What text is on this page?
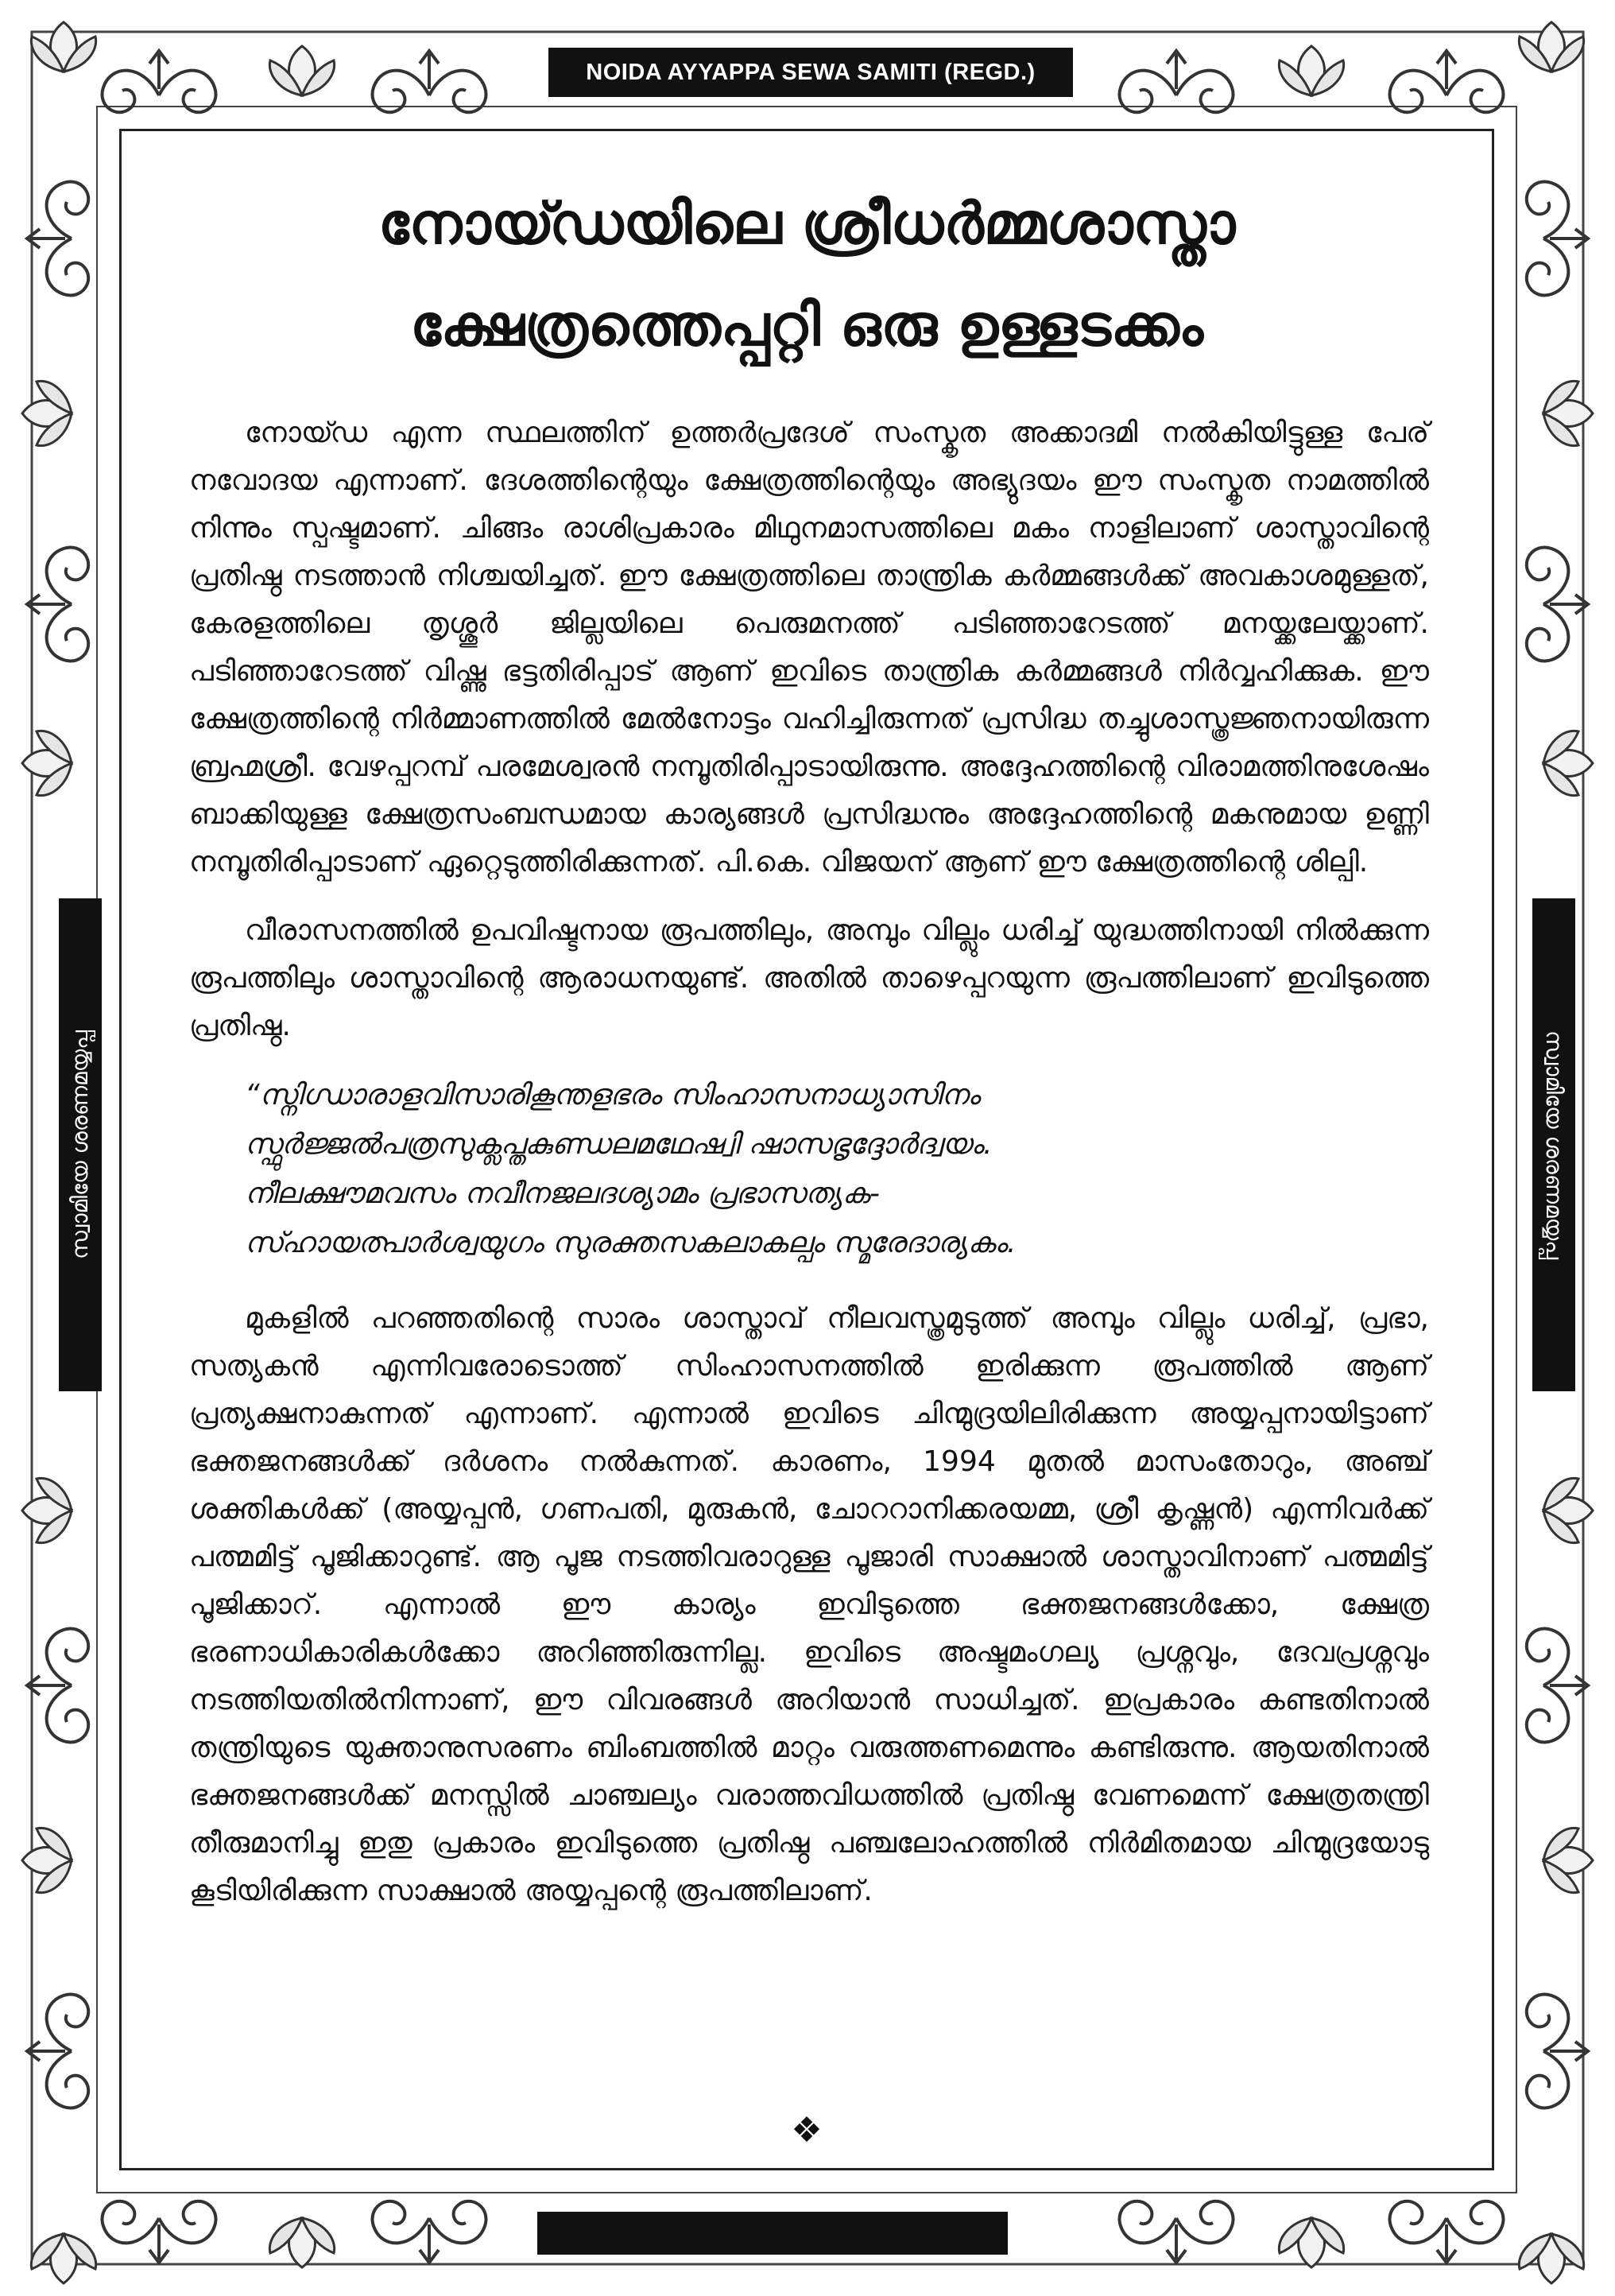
NOIDA AYYAPPA SEWA SAMITI (REGD.)
സ്വാമിയേ ശരണമയ്യപ്പ	സ്വാമിയേ ശരണമയ്യപ്പ
നോയ്ഡയിലെ ശ്രീധർമ്മശാസ്താ
ക്ഷേത്രത്തെപ്പറ്റി ഒരു ഉള്ളടക്കം

നോയ്ഡ എന്ന സ്ഥലത്തിന് ഉത്തർപ്രദേശ് സംസ്കൃത അക്കാദമി നൽകിയിട്ടുള്ള പേര് നവോദയ എന്നാണ്. ദേശത്തിന്റെയും ക്ഷേത്രത്തിന്റെയും അഭ്യുദയം ഈ സംസ്കൃത നാമത്തിൽ നിന്നും സ്പഷ്ടമാണ്. ചിങ്ങം രാശിപ്രകാരം മിഥുനമാസത്തിലെ മകം നാളിലാണ് ശാസ്താവിന്റെ പ്രതിഷ്ഠ നടത്താൻ നിശ്ചയിച്ചത്. ഈ ക്ഷേത്രത്തിലെ താന്ത്രിക കർമ്മങ്ങൾക്ക് അവകാശമുള്ളത്, കേരളത്തിലെ തൃശ്ശൂർ ജില്ലയിലെ പെരുമനത്ത് പടിഞ്ഞാറേടത്ത് മനയ്ക്കലേയ്ക്കാണ്. പടിഞ്ഞാറേടത്ത് വിഷ്ണു ഭട്ടതിരിപ്പാട് ആണ് ഇവിടെ താന്ത്രിക കർമ്മങ്ങൾ നിർവ്വഹിക്കുക. ഈ ക്ഷേത്രത്തിന്റെ നിർമ്മാണത്തിൽ മേൽനോട്ടം വഹിച്ചിരുന്നത് പ്രസിദ്ധ തച്ചുശാസ്ത്രജ്ഞനായിരുന്ന ബ്രഹ്മശ്രീ. വേഴപ്പറമ്പ് പരമേശ്വരൻ നമ്പൂതിരിപ്പാടായിരുന്നു. അദ്ദേഹത്തിന്റെ വിരാമത്തിനുശേഷം ബാക്കിയുള്ള ക്ഷേത്രസംബന്ധമായ കാര്യങ്ങൾ പ്രസിദ്ധനും അദ്ദേഹത്തിന്റെ മകനുമായ ഉണ്ണി നമ്പൂതിരിപ്പാടാണ് ഏറ്റെടുത്തിരിക്കുന്നത്. പി.കെ. വിജയന് ആണ് ഈ ക്ഷേത്രത്തിന്റെ ശില്പി.

വീരാസനത്തിൽ ഉപവിഷ്ടനായ രൂപത്തിലും, അമ്പും വില്ലും ധരിച്ച് യുദ്ധത്തിനായി നിൽക്കുന്ന രൂപത്തിലും ശാസ്താവിന്റെ ആരാധനയുണ്ട്. അതിൽ താഴെപ്പറയുന്ന രൂപത്തിലാണ് ഇവിടുത്തെ പ്രതിഷ്ഠ.

“സ്നിഗ്ധാരാളവിസാരികൂന്തളഭരം സിംഹാസനാധ്യാസിനം
സ്ഫുർജ്ജൽപത്രസുക്ലപ്തകുണ്ഡലമഥേഷ്വി ഷാസഭൃദ്ദോർദ്വയം.
നീലക്ഷൗമവസം നവീനജലദശ്യാമം പ്രഭാസത്യക-
സ്ഹായത്പാർശ്വയുഗം സുരക്തസകലാകല്പം സ്മരേദാര്യകം.

മുകളിൽ പറഞ്ഞതിന്റെ സാരം ശാസ്താവ് നീലവസ്ത്രമുടുത്ത് അമ്പും വില്ലും ധരിച്ച്, പ്രഭാ, സത്യകൻ എന്നിവരോടൊത്ത് സിംഹാസനത്തിൽ ഇരിക്കുന്ന രൂപത്തിൽ ആണ് പ്രത്യക്ഷനാകുന്നത് എന്നാണ്. എന്നാൽ ഇവിടെ ചിന്മുദ്രയിലിരിക്കുന്ന അയ്യപ്പനായിട്ടാണ് ഭക്തജനങ്ങൾക്ക് ദർശനം നൽകുന്നത്. കാരണം, 1994 മുതൽ മാസംതോറും, അഞ്ച് ശക്തികൾക്ക് (അയ്യപ്പൻ, ഗണപതി, മുരുകൻ, ചോററാനിക്കരയമ്മ, ശ്രീ കൃഷ്ണൻ) എന്നിവർക്ക് പത്മമിട്ട് പൂജിക്കാറുണ്ട്. ആ പൂജ നടത്തിവരാറുള്ള പൂജാരി സാക്ഷാൽ ശാസ്താവിനാണ് പത്മമിട്ട് പൂജിക്കാറ്. എന്നാൽ ഈ കാര്യം ഇവിടുത്തെ ഭക്തജനങ്ങൾക്കോ, ക്ഷേത്ര ഭരണാധികാരികൾക്കോ അറിഞ്ഞിരുന്നില്ല. ഇവിടെ അഷ്ടമംഗല്യ പ്രശ്നവും, ദേവപ്രശ്നവും നടത്തിയതിൽനിന്നാണ്, ഈ വിവരങ്ങൾ അറിയാൻ സാധിച്ചത്. ഇപ്രകാരം കണ്ടതിനാൽ തന്ത്രിയുടെ യുക്താനുസരണം ബിംബത്തിൽ മാറ്റം വരുത്തണമെന്നും കണ്ടിരുന്നു. ആയതിനാൽ ഭക്തജനങ്ങൾക്ക് മനസ്സിൽ ചാഞ്ചല്യം വരാത്തവിധത്തിൽ പ്രതിഷ്ഠ വേണമെന്ന് ക്ഷേത്രതന്ത്രി തീരുമാനിച്ചു ഇതു പ്രകാരം ഇവിടുത്തെ പ്രതിഷ്ഠ പഞ്ചലോഹത്തിൽ നിർമിതമായ ചിന്മുദ്രയോടു കൂടിയിരിക്കുന്ന സാക്ഷാൽ അയ്യപ്പന്റെ രൂപത്തിലാണ്.

❖
